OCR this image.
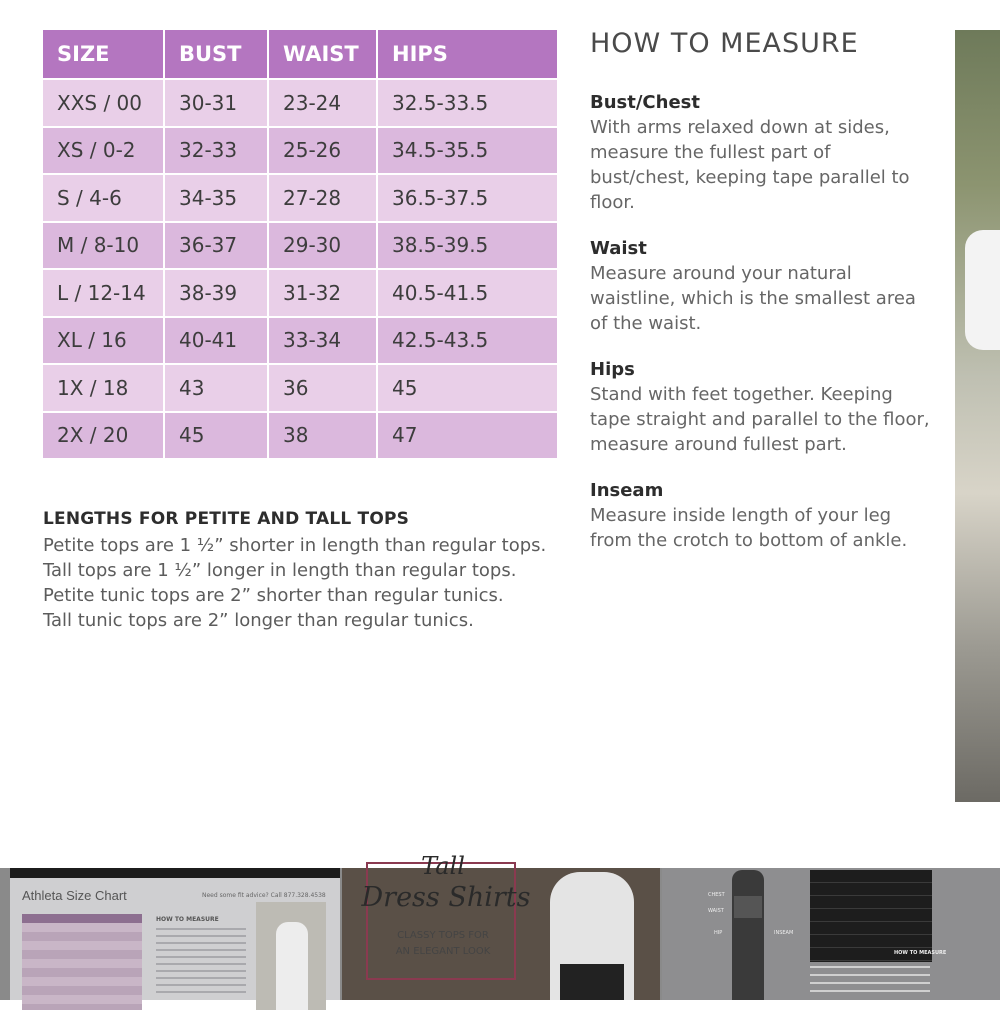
SIZE	BUST	WAIST	HIPS
XXS / 00	30-31	23-24	32.5-33.5
XS / 0-2	32-33	25-26	34.5-35.5
S / 4-6	34-35	27-28	36.5-37.5
M / 8-10	36-37	29-30	38.5-39.5
L / 12-14	38-39	31-32	40.5-41.5
XL / 16	40-41	33-34	42.5-43.5
1X / 18	43	36	45
2X / 20	45	38	47
LENGTHS FOR PETITE AND TALL TOPS

Petite tops are 1 ½” shorter in length than regular tops.

Tall tops are 1 ½” longer in length than regular tops.

Petite tunic tops are 2” shorter than regular tunics.

Tall tunic tops are 2” longer than regular tunics.

HOW TO MEASURE
Bust/Chest

With arms relaxed down at sides, measure the fullest part of bust/chest, keeping tape parallel to floor.

Waist

Measure around your natural waistline, which is the smallest area of the waist.

Hips

Stand with feet together. Keeping tape straight and parallel to the floor, measure around fullest part.

Inseam

Measure inside length of your leg from the crotch to bottom of ankle.

Athleta Size Chart	Need some fit advice? Call 877.328.4538
HOW TO MEASURE
Tall
Dress Shirts
CLASSY TOPS FOR
AN ELEGANT LOOK
CHEST
WAIST
HIP	INSEAM
HOW TO MEASURE
